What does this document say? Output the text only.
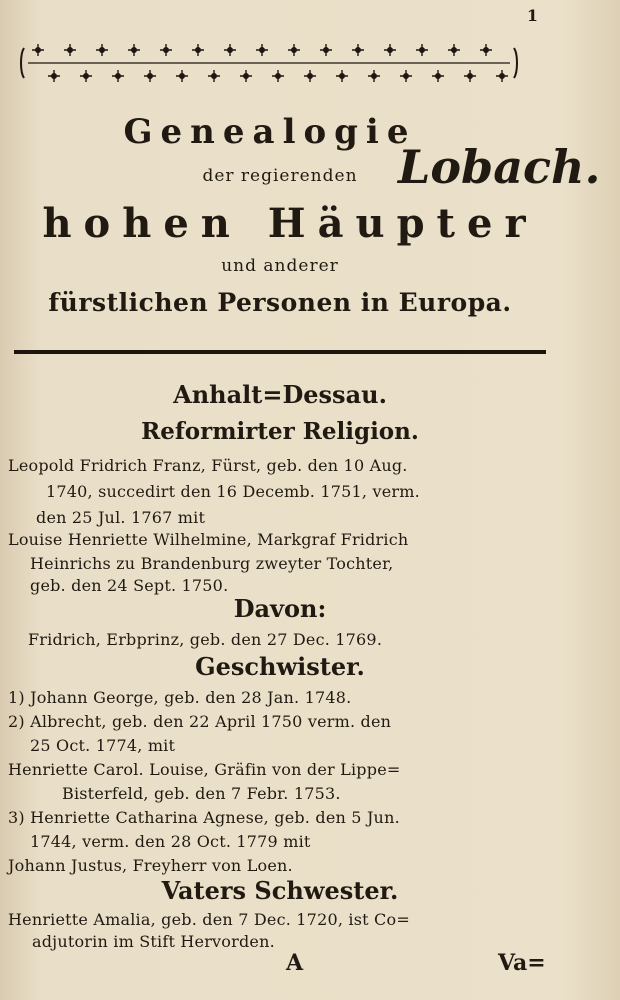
1
Genealogie
der regierenden Lobach.
hohen Häupter
und anderer
fürstlichen Personen in Europa.
Anhalt=Dessau.
Reformirter Religion.
Leopold Fridrich Franz, Fürst, geb. den 10 Aug.
1740, succedirt den 16 Decemb. 1751, verm.
den 25 Jul. 1767 mit
Louise Henriette Wilhelmine, Markgraf Fridrich
Heinrichs zu Brandenburg zweyter Tochter,
geb. den 24 Sept. 1750.
Davon:
Fridrich, Erbprinz, geb. den 27 Dec. 1769.
Geschwister.
1) Johann George, geb. den 28 Jan. 1748.
2) Albrecht, geb. den 22 April 1750 verm. den
25 Oct. 1774, mit
Henriette Carol. Louise, Gräfin von der Lippe=
Bisterfeld, geb. den 7 Febr. 1753.
3) Henriette Catharina Agnese, geb. den 5 Jun.
1744, verm. den 28 Oct. 1779 mit
Johann Justus, Freyherr von Loen.
Vaters Schwester.
Henriette Amalia, geb. den 7 Dec. 1720, ist Co=
adjutorin im Stift Hervorden.
A	Va=
